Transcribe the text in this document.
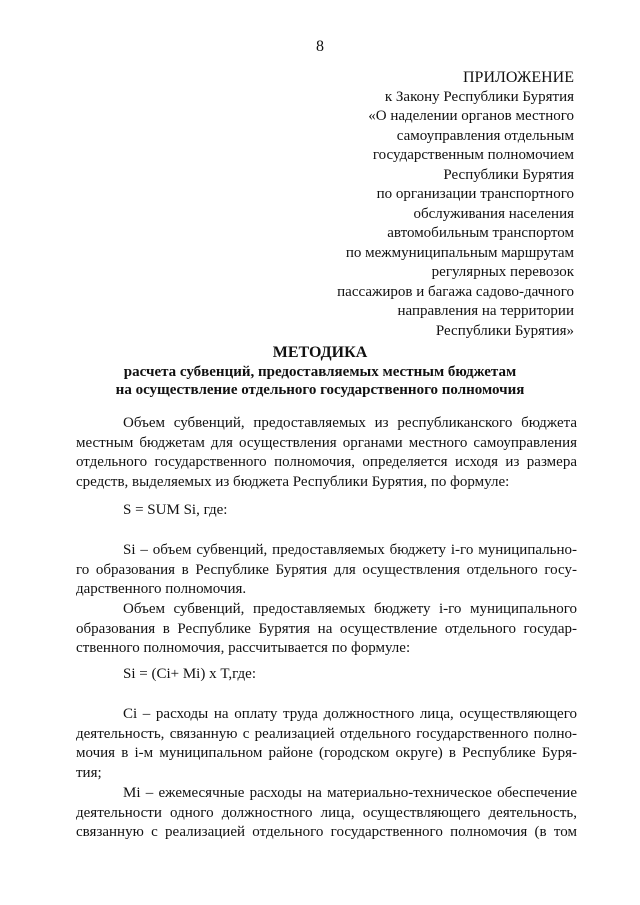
8
ПРИЛОЖЕНИЕ
к Закону Республики Бурятия
«О наделении органов местного
самоуправления отдельным
государственным полномочием
Республики Бурятия
по организации транспортного
обслуживания населения
автомобильным транспортом
по межмуниципальным маршрутам
регулярных перевозок
пассажиров и багажа садово-дачного
направления на территории
Республики Бурятия»
МЕТОДИКА
расчета субвенций, предоставляемых местным бюджетам
на осуществление отдельного государственного полномочия
Объем субвенций, предоставляемых из республиканского бюджета
местным бюджетам для осуществления органами местного самоуправления
отдельного государственного полномочия, определяется исходя из размера
средств, выделяемых из бюджета Республики Бурятия, по формуле:
S = SUM Si, где:
Si – объем субвенций, предоставляемых бюджету i-го муниципально-
го образования в Республике Бурятия для осуществления отдельного госу-
дарственного полномочия.
Объем субвенций, предоставляемых бюджету i-го муниципального
образования в Республике Бурятия на осуществление отдельного государ-
ственного полномочия, рассчитывается по формуле:
Si = (Ci+ Mi) х T,где:
Ci – расходы на оплату труда должностного лица, осуществляющего
деятельность, связанную с реализацией отдельного государственного полно-
мочия в i-м муниципальном районе (городском округе) в Республике Буря-
тия;
Mi – ежемесячные расходы на материально-техническое обеспечение
деятельности одного должностного лица, осуществляющего деятельность,
связанную с реализацией отдельного государственного полномочия (в том
